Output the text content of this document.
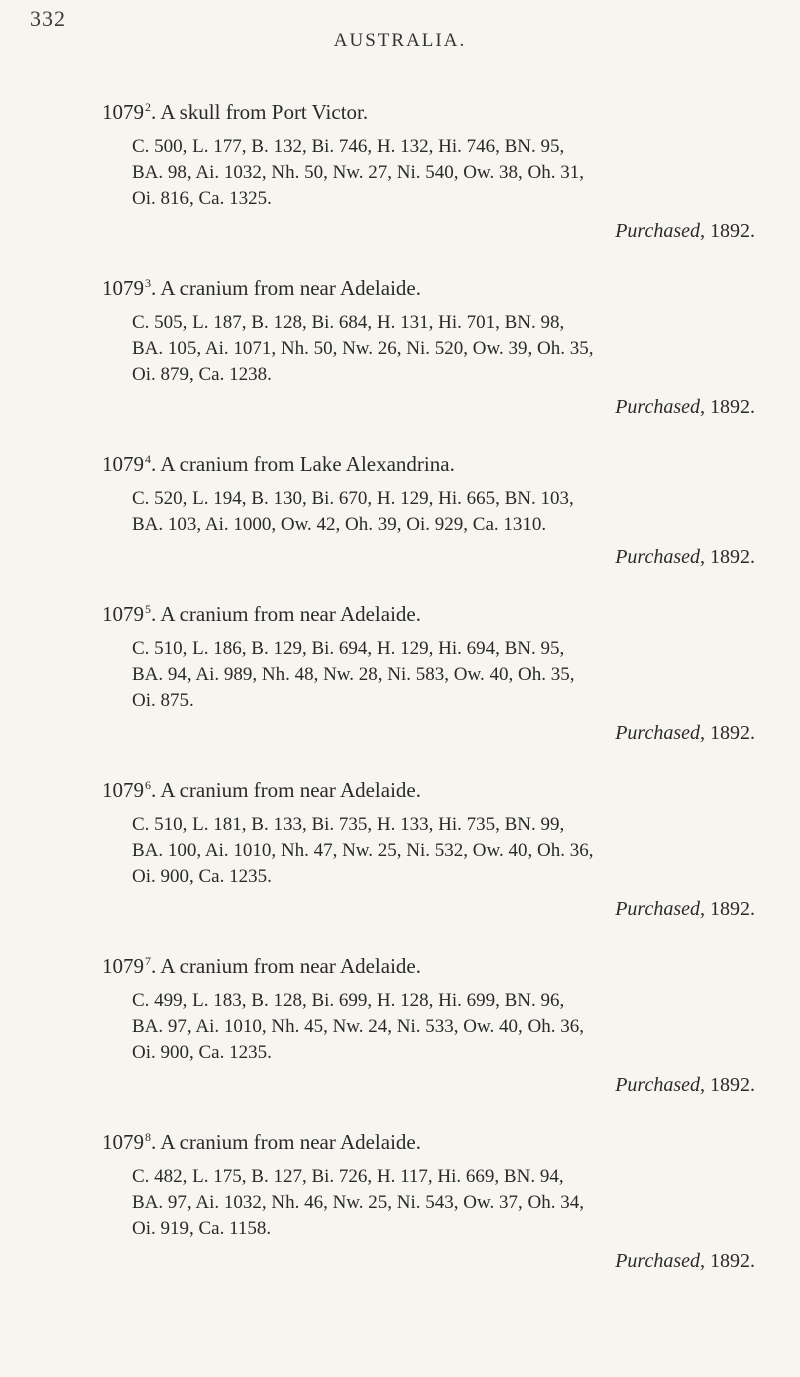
332
AUSTRALIA.
1079$^2$. A skull from Port Victor.
C. 500, L. 177, B. 132, Bi. 746, H. 132, Hi. 746, BN. 95,
BA. 98, Ai. 1032, Nh. 50, Nw. 27, Ni. 540, Ow. 38, Oh. 31,
Oi. 816, Ca. 1325.
Purchased, 1892.
1079$^3$. A cranium from near Adelaide.
C. 505, L. 187, B. 128, Bi. 684, H. 131, Hi. 701, BN. 98,
BA. 105, Ai. 1071, Nh. 50, Nw. 26, Ni. 520, Ow. 39, Oh. 35,
Oi. 879, Ca. 1238.
Purchased, 1892.
1079$^4$. A cranium from Lake Alexandrina.
C. 520, L. 194, B. 130, Bi. 670, H. 129, Hi. 665, BN. 103,
BA. 103, Ai. 1000, Ow. 42, Oh. 39, Oi. 929, Ca. 1310.
Purchased, 1892.
1079$^5$. A cranium from near Adelaide.
C. 510, L. 186, B. 129, Bi. 694, H. 129, Hi. 694, BN. 95,
BA. 94, Ai. 989, Nh. 48, Nw. 28, Ni. 583, Ow. 40, Oh. 35,
Oi. 875.
Purchased, 1892.
1079$^6$. A cranium from near Adelaide.
C. 510, L. 181, B. 133, Bi. 735, H. 133, Hi. 735, BN. 99,
BA. 100, Ai. 1010, Nh. 47, Nw. 25, Ni. 532, Ow. 40, Oh. 36,
Oi. 900, Ca. 1235.
Purchased, 1892.
1079$^7$. A cranium from near Adelaide.
C. 499, L. 183, B. 128, Bi. 699, H. 128, Hi. 699, BN. 96,
BA. 97, Ai. 1010, Nh. 45, Nw. 24, Ni. 533, Ow. 40, Oh. 36,
Oi. 900, Ca. 1235.
Purchased, 1892.
1079$^8$. A cranium from near Adelaide.
C. 482, L. 175, B. 127, Bi. 726, H. 117, Hi. 669, BN. 94,
BA. 97, Ai. 1032, Nh. 46, Nw. 25, Ni. 543, Ow. 37, Oh. 34,
Oi. 919, Ca. 1158.
Purchased, 1892.
